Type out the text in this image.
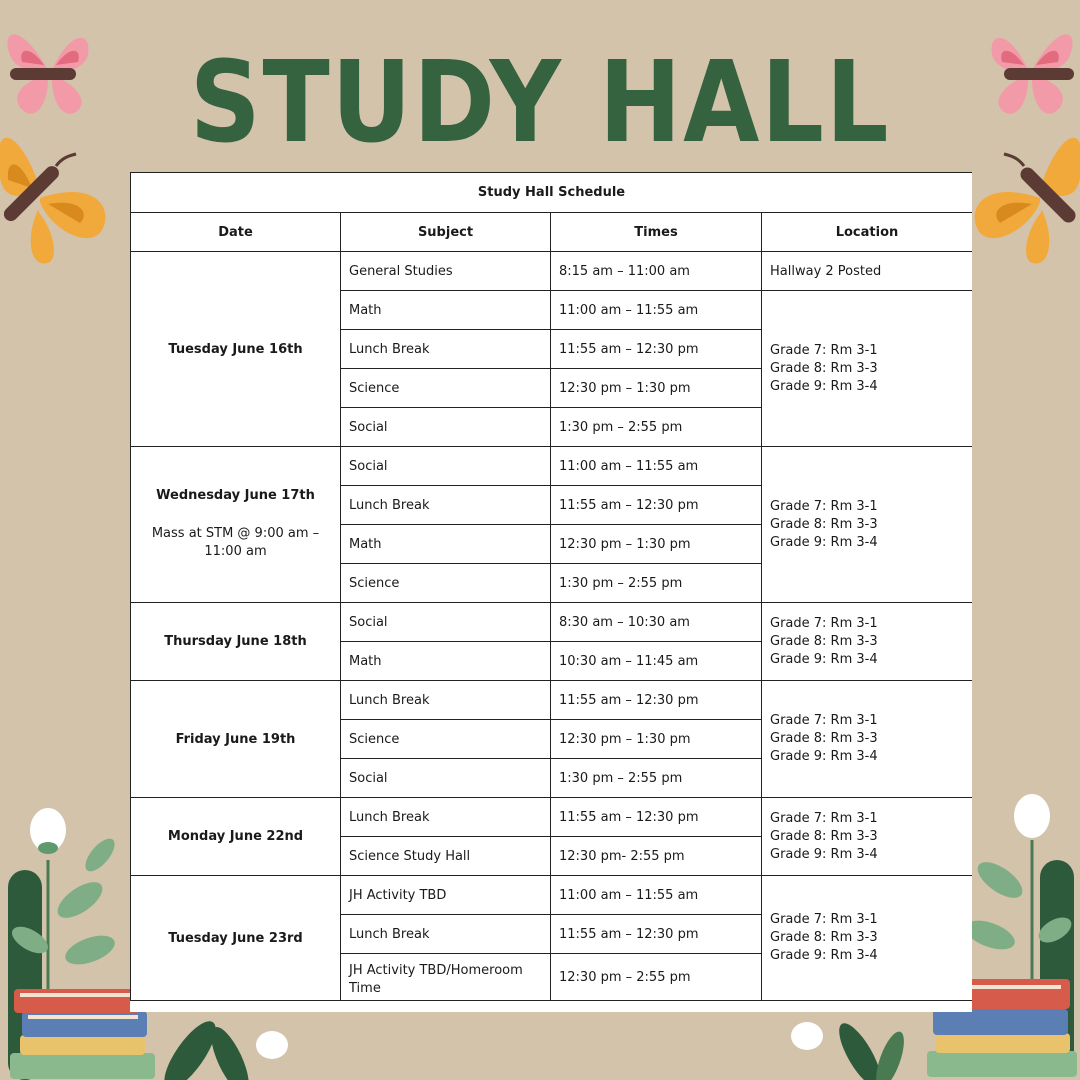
STUDY HALL
Study Hall Schedule			
Date	Subject	Times	Location
Tuesday June 16th	General Studies	8:15 am – 11:00 am	Hallway 2 Posted
	Math	11:00 am – 11:55 am	Grade 7: Rm 3-1
Grade 8: Rm 3-3
Grade 9: Rm 3-4

	Lunch Break	11:55 am – 12:30 pm	
	Science	12:30 pm – 1:30 pm	
	Social	1:30 pm – 2:55 pm	
Wednesday June 17th
Mass at STM @ 9:00 am – 11:00 am	Social	11:00 am – 11:55 am	Grade 7: Rm 3-1
Grade 8: Rm 3-3
Grade 9: Rm 3-4

	Lunch Break	11:55 am – 12:30 pm	
	Math	12:30 pm – 1:30 pm	
	Science	1:30 pm – 2:55 pm	
Thursday June 18th	Social	8:30 am – 10:30 am	Grade 7: Rm 3-1
Grade 8: Rm 3-3
Grade 9: Rm 3-4

	Math	10:30 am – 11:45 am	
Friday June 19th	Lunch Break	11:55 am – 12:30 pm	Grade 7: Rm 3-1
Grade 8: Rm 3-3
Grade 9: Rm 3-4

	Science	12:30 pm – 1:30 pm	
	Social	1:30 pm – 2:55 pm	
Monday June 22nd	Lunch Break	11:55 am – 12:30 pm	Grade 7: Rm 3-1
Grade 8: Rm 3-3
Grade 9: Rm 3-4

	Science Study Hall	12:30 pm- 2:55 pm	
Tuesday June 23rd	JH Activity TBD	11:00 am – 11:55 am	Grade 7: Rm 3-1
Grade 8: Rm 3-3
Grade 9: Rm 3-4

	Lunch Break	11:55 am – 12:30 pm	
	JH Activity TBD/Homeroom Time	12:30 pm – 2:55 pm	
